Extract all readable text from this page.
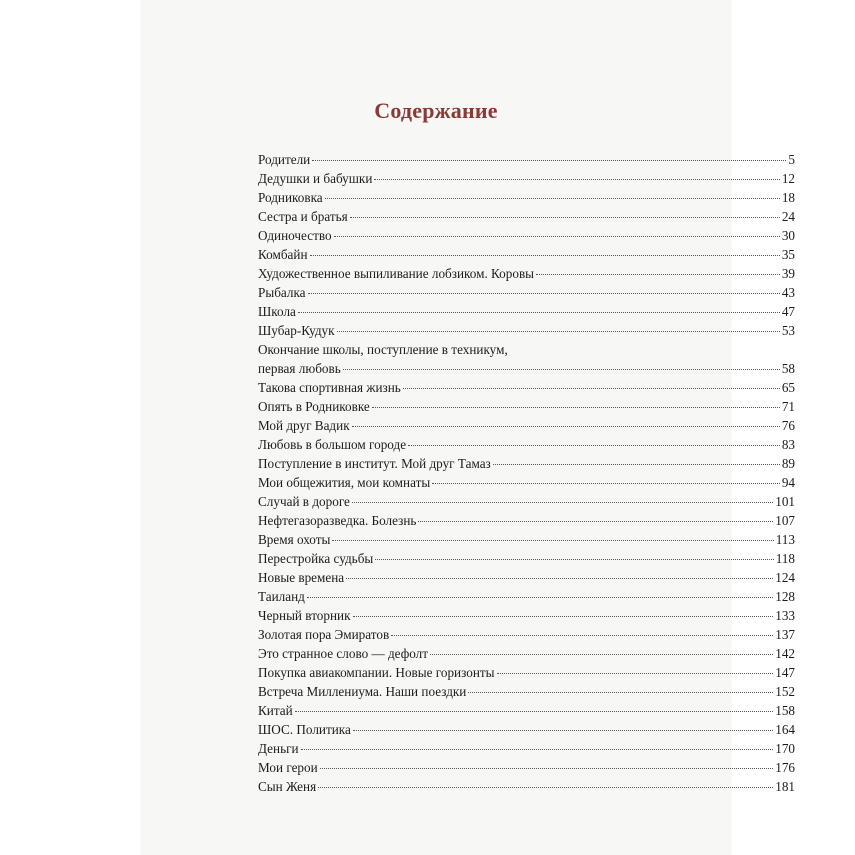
Содержание
Родители	5
Дедушки и бабушки	12
Родниковка	18
Сестра и братья	24
Одиночество	30
Комбайн	35
Художественное выпиливание лобзиком. Коровы	39
Рыбалка	43
Школа	47
Шубар-Кудук	53
Окончание школы, поступление в техникум,
первая любовь	58
Такова спортивная жизнь	65
Опять в Родниковке	71
Мой друг Вадик	76
Любовь в большом городе	83
Поступление в институт. Мой друг Тамаз	89
Мои общежития, мои комнаты	94
Случай в дороге	101
Нефтегазоразведка. Болезнь	107
Время охоты	113
Перестройка судьбы	118
Новые времена	124
Таиланд	128
Черный вторник	133
Золотая пора Эмиратов	137
Это странное слово — дефолт	142
Покупка авиакомпании. Новые горизонты	147
Встреча Миллениума. Наши поездки	152
Китай	158
ШОС. Политика	164
Деньги	170
Мои герои	176
Сын Женя	181
